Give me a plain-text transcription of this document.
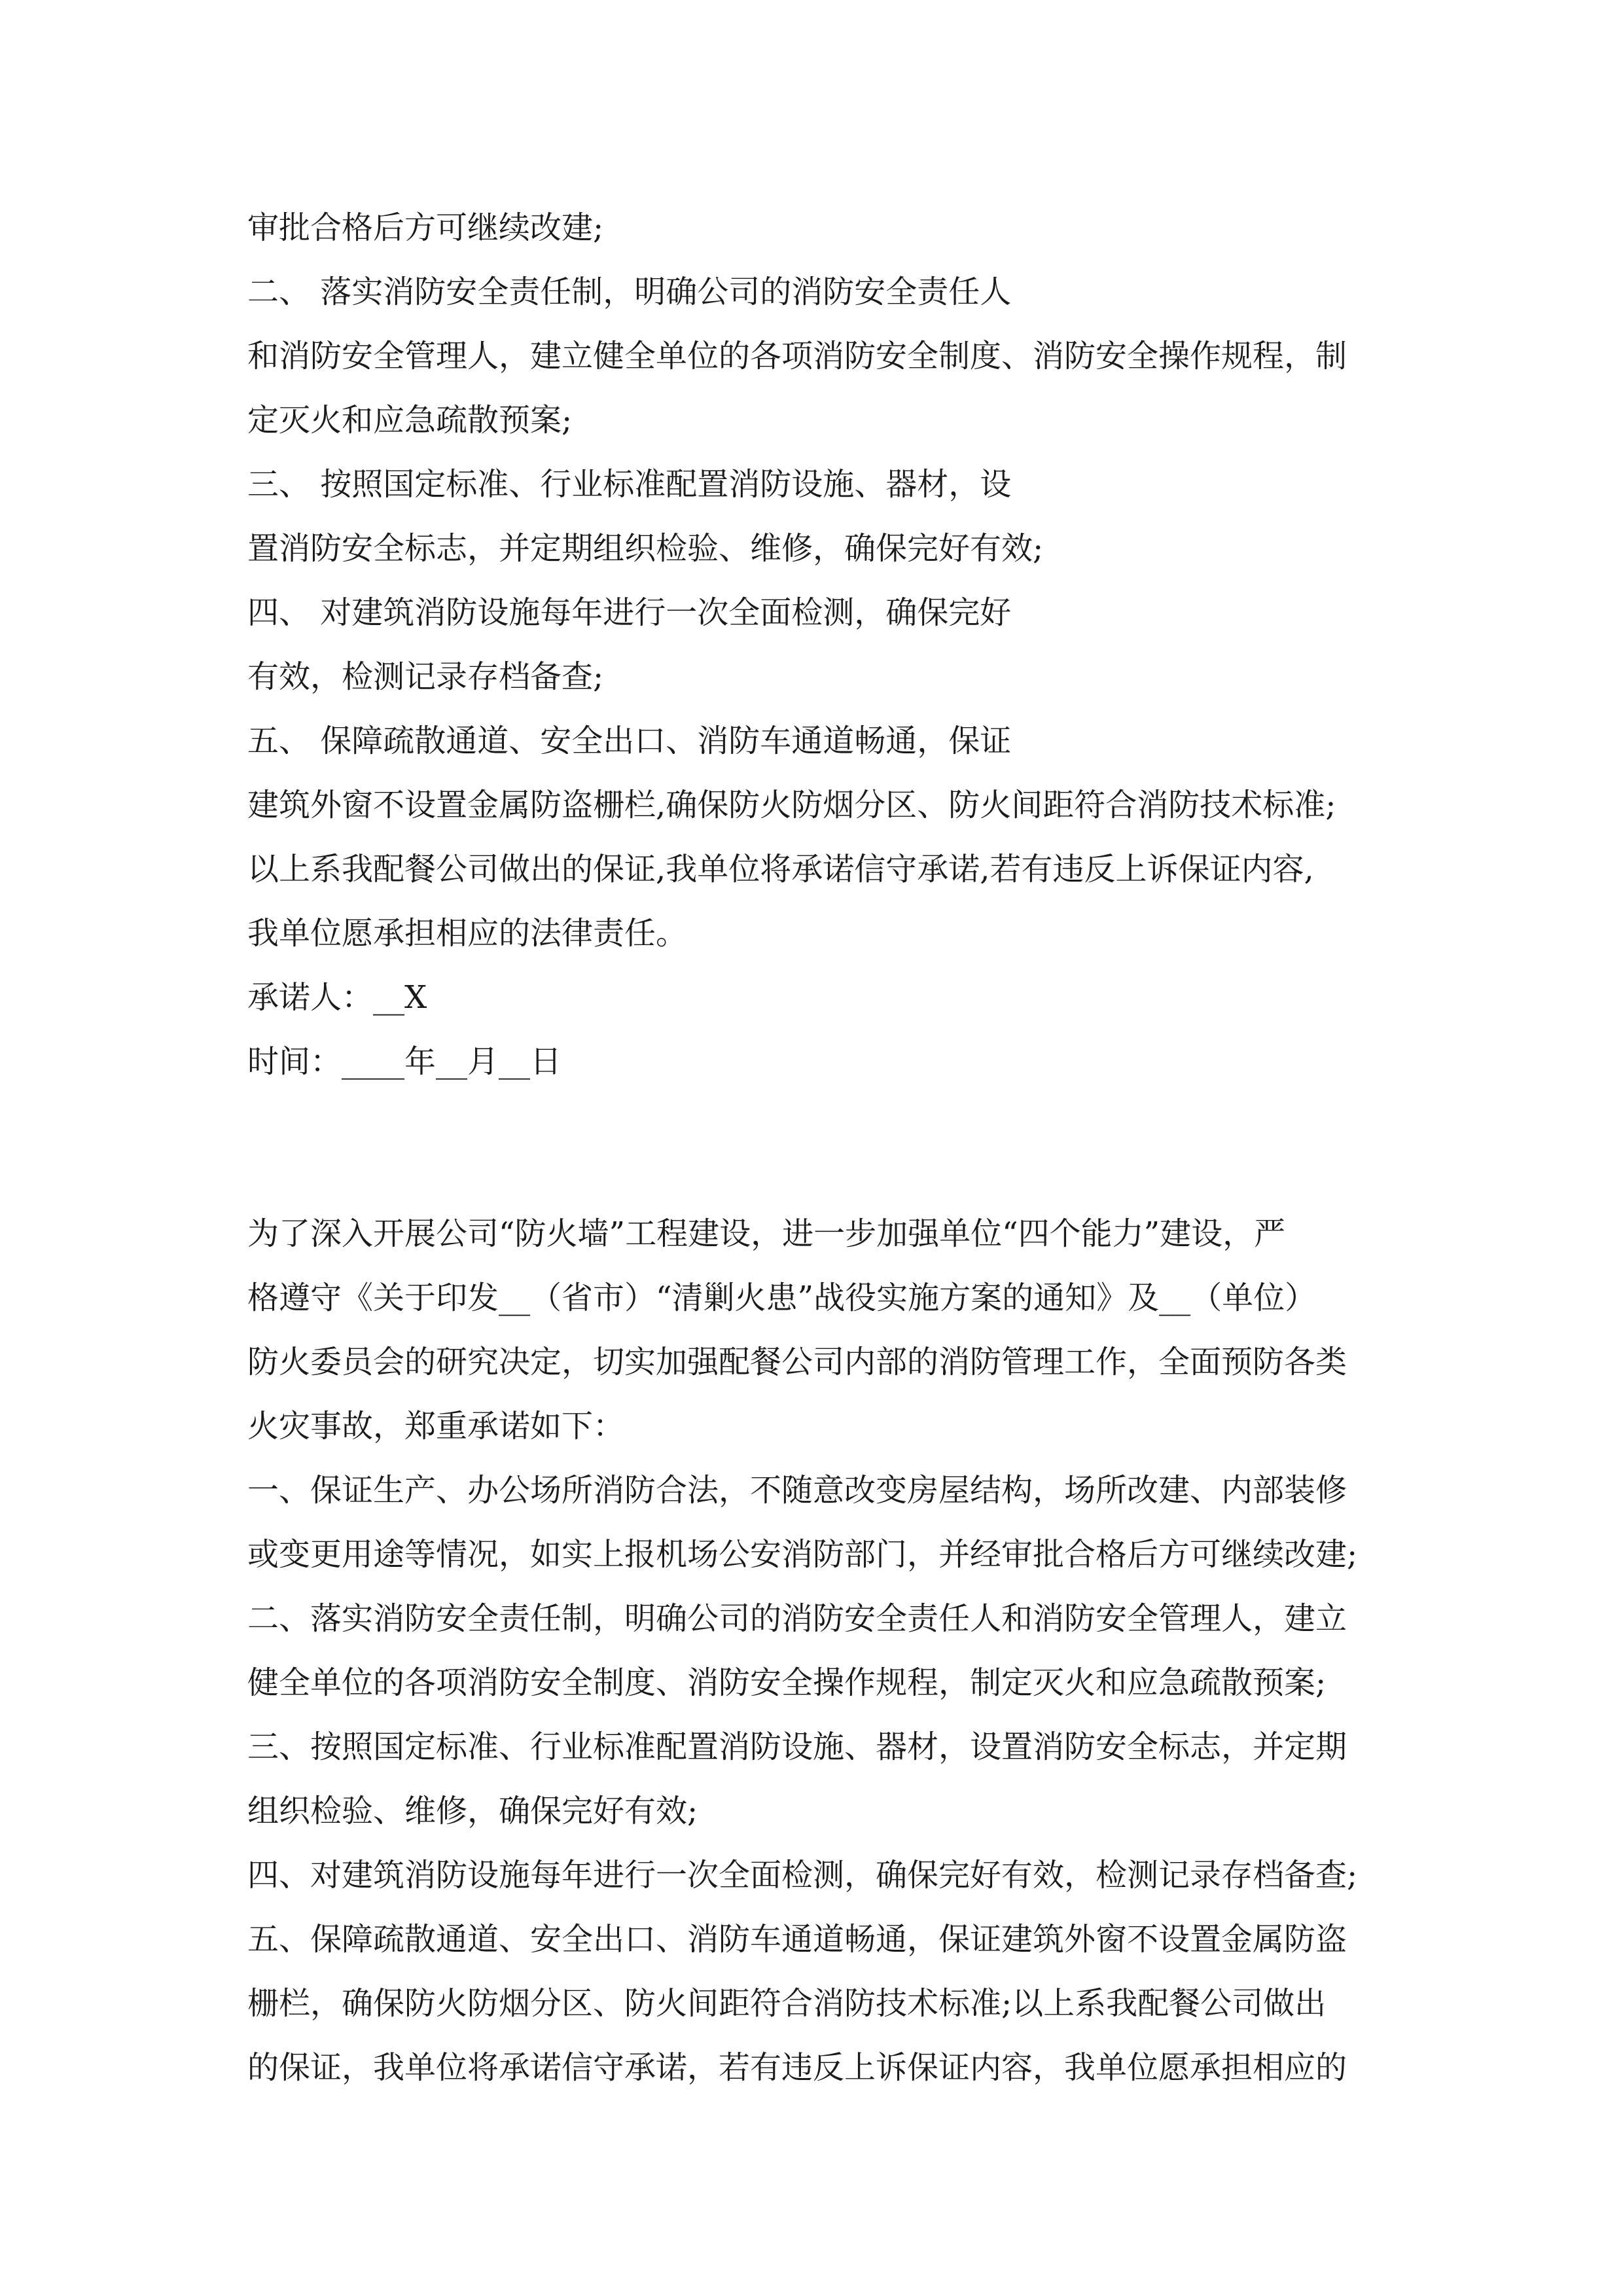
审批合格后方可继续改建;

二、 落实消防安全责任制，明确公司的消防安全责任人

和消防安全管理人，建立健全单位的各项消防安全制度、消防安全操作规程，制

定灭火和应急疏散预案;

三、 按照国定标准、行业标准配置消防设施、器材，设

置消防安全标志，并定期组织检验、维修，确保完好有效;

四、 对建筑消防设施每年进行一次全面检测，确保完好

有效，检测记录存档备查;

五、 保障疏散通道、安全出口、消防车通道畅通，保证

建筑外窗不设置金属防盗栅栏,确保防火防烟分区、防火间距符合消防技术标准;

以上系我配餐公司做出的保证,我单位将承诺信守承诺,若有违反上诉保证内容,

我单位愿承担相应的法律责任。

承诺人：__X

时间：____年__月__日

为了深入开展公司“防火墙”工程建设，进一步加强单位“四个能力”建设，严

格遵守《关于印发__（省市）“清剿火患”战役实施方案的通知》及__（单位）

防火委员会的研究决定，切实加强配餐公司内部的消防管理工作，全面预防各类

火灾事故，郑重承诺如下：

一、保证生产、办公场所消防合法，不随意改变房屋结构，场所改建、内部装修

或变更用途等情况，如实上报机场公安消防部门，并经审批合格后方可继续改建;

二、落实消防安全责任制，明确公司的消防安全责任人和消防安全管理人，建立

健全单位的各项消防安全制度、消防安全操作规程，制定灭火和应急疏散预案;

三、按照国定标准、行业标准配置消防设施、器材，设置消防安全标志，并定期

组织检验、维修，确保完好有效;

四、对建筑消防设施每年进行一次全面检测，确保完好有效，检测记录存档备查;

五、保障疏散通道、安全出口、消防车通道畅通，保证建筑外窗不设置金属防盗

栅栏，确保防火防烟分区、防火间距符合消防技术标准;以上系我配餐公司做出

的保证，我单位将承诺信守承诺，若有违反上诉保证内容，我单位愿承担相应的
